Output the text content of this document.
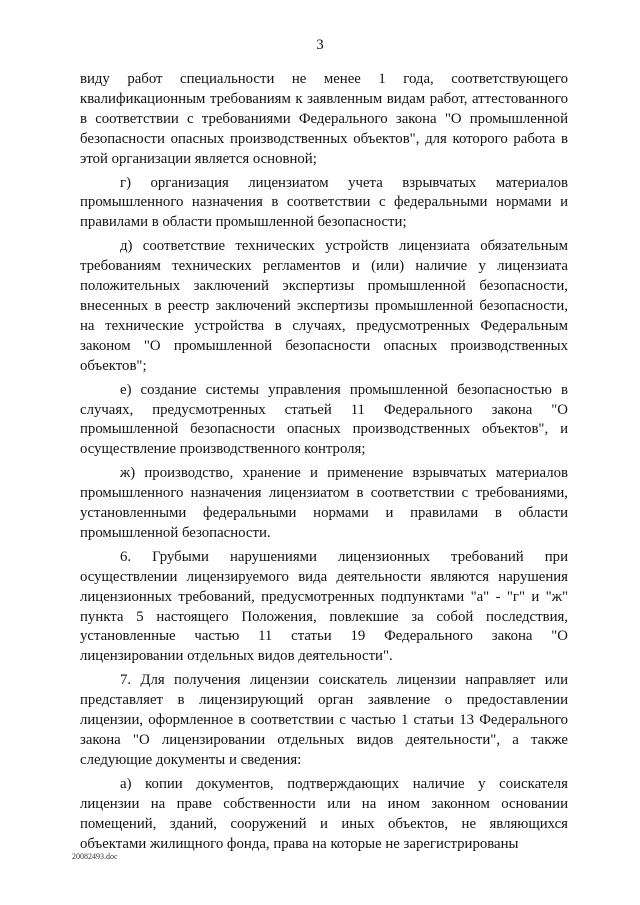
3

виду работ специальности не менее 1 года, соответствующего квалификационным требованиям к заявленным видам работ, аттестованного в соответствии с требованиями Федерального закона "О промышленной безопасности опасных производственных объектов", для которого работа в этой организации является основной;

г) организация лицензиатом учета взрывчатых материалов промышленного назначения в соответствии с федеральными нормами и правилами в области промышленной безопасности;

д) соответствие технических устройств лицензиата обязательным требованиям технических регламентов и (или) наличие у лицензиата положительных заключений экспертизы промышленной безопасности, внесенных в реестр заключений экспертизы промышленной безопасности, на технические устройства в случаях, предусмотренных Федеральным законом "О промышленной безопасности опасных производственных объектов";

е) создание системы управления промышленной безопасностью в случаях, предусмотренных статьей 11 Федерального закона "О промышленной безопасности опасных производственных объектов", и осуществление производственного контроля;

ж) производство, хранение и применение взрывчатых материалов промышленного назначения лицензиатом в соответствии с требованиями, установленными федеральными нормами и правилами в области промышленной безопасности.

6. Грубыми нарушениями лицензионных требований при осуществлении лицензируемого вида деятельности являются нарушения лицензионных требований, предусмотренных подпунктами "а" - "г" и "ж" пункта 5 настоящего Положения, повлекшие за собой последствия, установленные частью 11 статьи 19 Федерального закона "О лицензировании отдельных видов деятельности".

7. Для получения лицензии соискатель лицензии направляет или представляет в лицензирующий орган заявление о предоставлении лицензии, оформленное в соответствии с частью 1 статьи 13 Федерального закона "О лицензировании отдельных видов деятельности", а также следующие документы и сведения:

а) копии документов, подтверждающих наличие у соискателя лицензии на праве собственности или на ином законном основании помещений, зданий, сооружений и иных объектов, не являющихся объектами жилищного фонда, права на которые не зарегистрированы

20082493.doc
